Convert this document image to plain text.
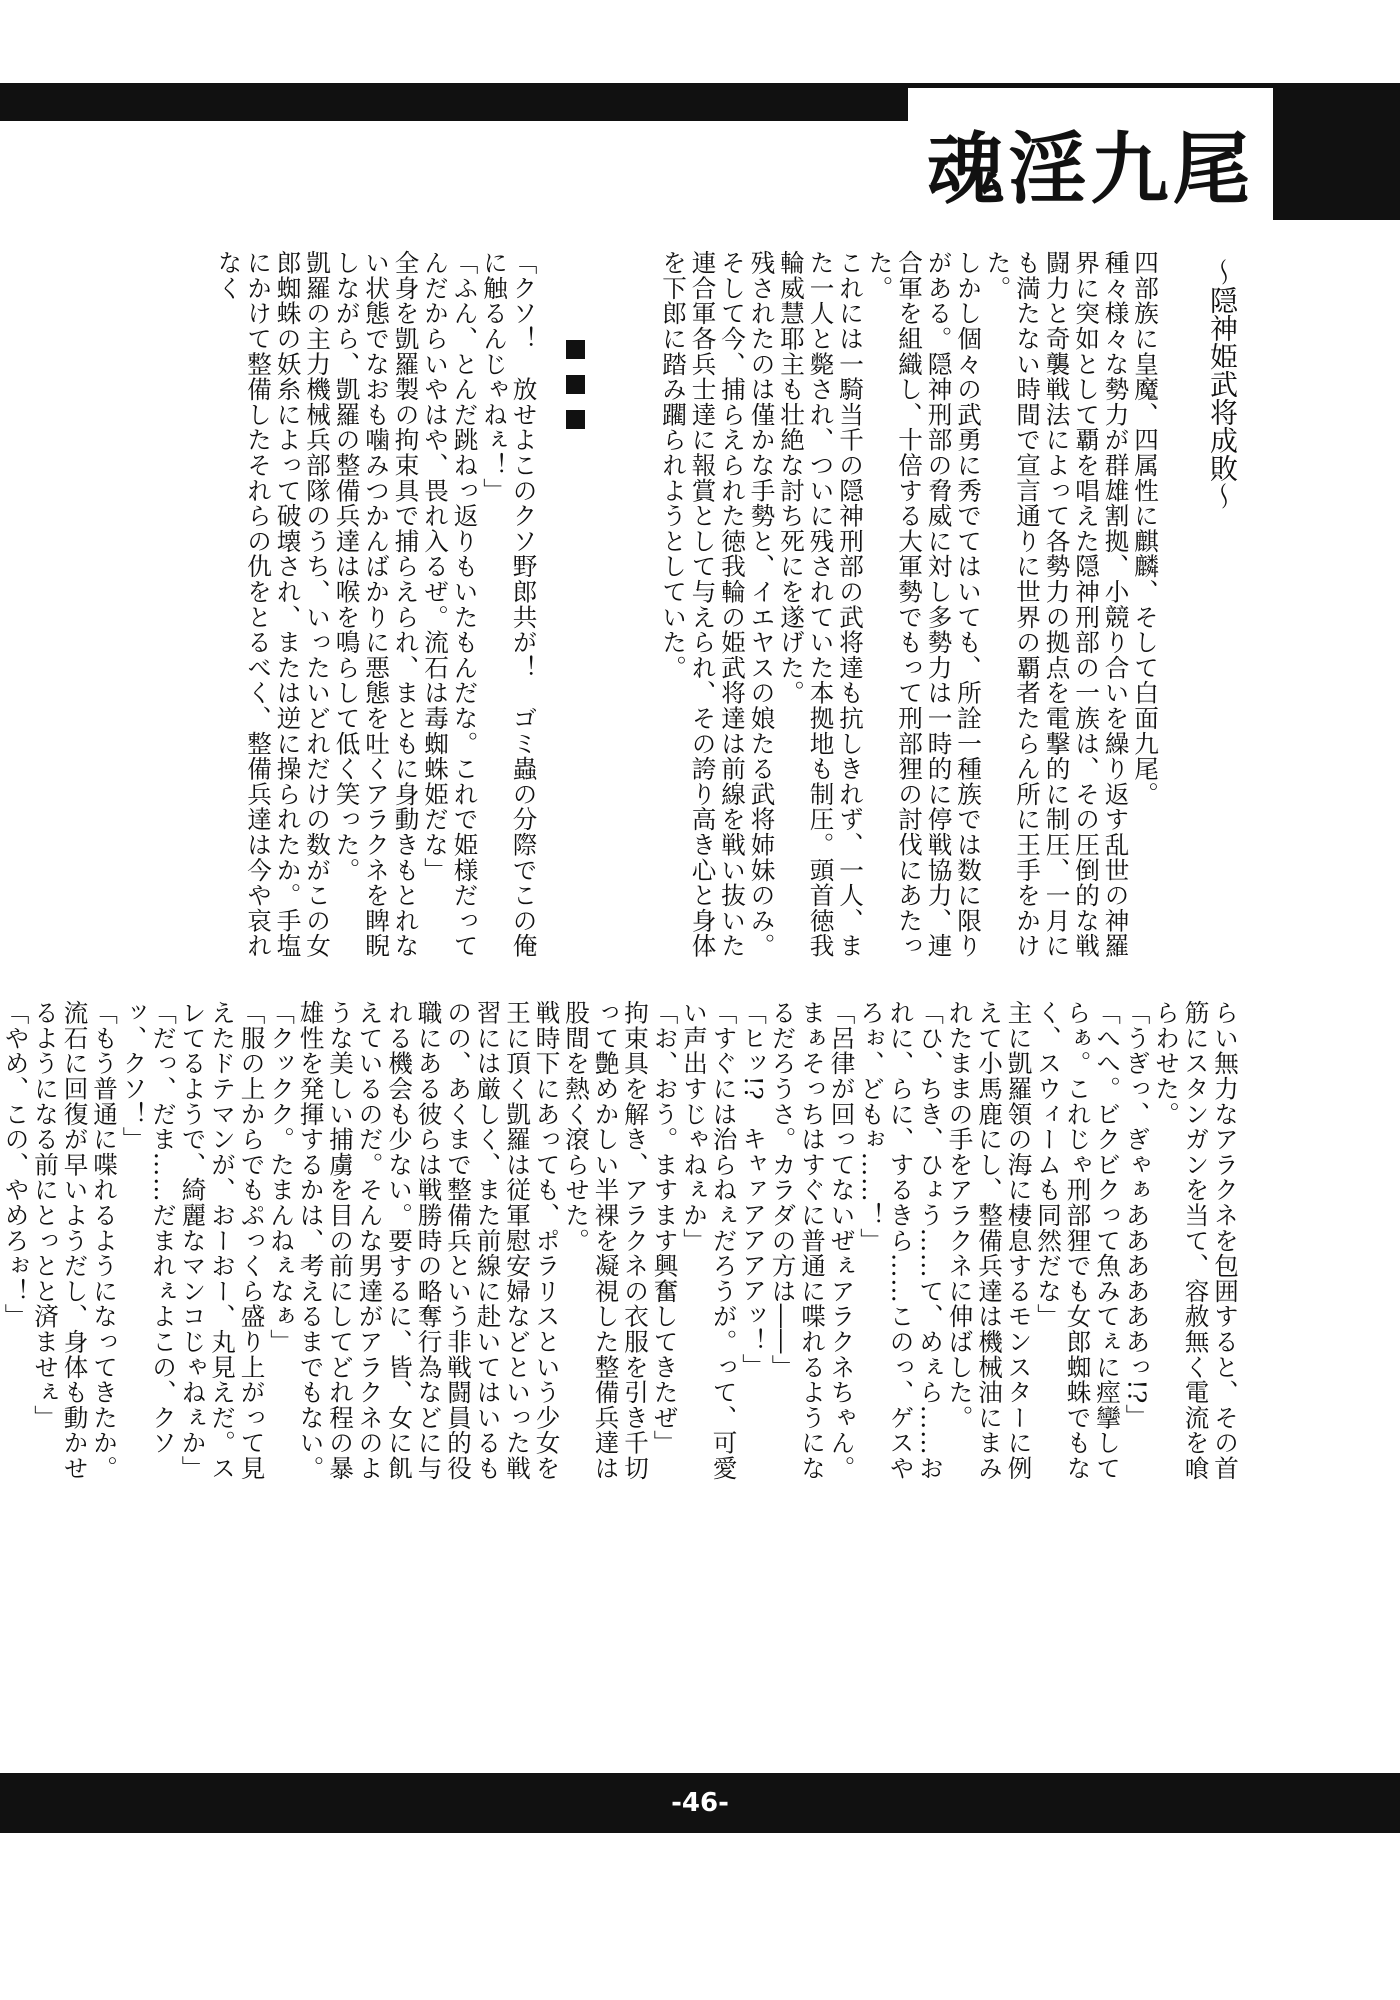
魂淫九尾
〜隠神姫武将成敗〜

四部族に皇魔、四属性に麒麟、そして白面九尾。

種々様々な勢力が群雄割拠、小競り合いを繰り返す乱世の神羅界に突如として覇を唱えた隠神刑部の一族は、その圧倒的な戦闘力と奇襲戦法によって各勢力の拠点を電撃的に制圧、一月にも満たない時間で宣言通りに世界の覇者たらん所に王手をかけた。

しかし個々の武勇に秀でてはいても、所詮一種族では数に限りがある。隠神刑部の脅威に対し多勢力は一時的に停戦協力、連合軍を組織し、十倍する大軍勢でもって刑部狸の討伐にあたった。

これには一騎当千の隠神刑部の武将達も抗しきれず、一人、また一人と斃され、ついに残されていた本拠地も制圧。頭首徳我輪威慧耶主も壮絶な討ち死にを遂げた。

残されたのは僅かな手勢と、イエヤスの娘たる武将姉妹のみ。

そして今、捕らえられた徳我輪の姫武将達は前線を戦い抜いた連合軍各兵士達に報賞として与えられ、その誇り高き心と身体を下郎に踏み躙られようとしていた。

「クソ！　放せよこのクソ野郎共が！　ゴミ蟲の分際でこの俺に触るんじゃねぇ！」

「ふん、とんだ跳ねっ返りもいたもんだな。これで姫様だってんだからいやはや、畏れ入るぜ。流石は毒蜘蛛姫だな」

全身を凱羅製の拘束具で捕らえられ、まともに身動きもとれない状態でなおも噛みつかんばかりに悪態を吐くアラクネを睥睨しながら、凱羅の整備兵達は喉を鳴らして低く笑った。

凱羅の主力機械兵部隊のうち、いったいどれだけの数がこの女郎蜘蛛の妖糸によって破壊され、または逆に操られたか。手塩にかけて整備したそれらの仇をとるべく、整備兵達は今や哀れなく

らい無力なアラクネを包囲すると、その首筋にスタンガンを当て、容赦無く電流を喰らわせた。

「うぎっ、ぎゃぁああああああっ!?」

「へへ。ビクビクって魚みてぇに痙攣してらぁ。これじゃ刑部狸でも女郎蜘蛛でもなく、スウィームも同然だな」

主に凱羅領の海に棲息するモンスターに例えて小馬鹿にし、整備兵達は機械油にまみれたままの手をアラクネに伸ばした。

「ひ、ちき、ひょう……て、めぇら……おれに、らに、するきら……このっ、ゲスやろぉ、どもぉ……！」

「呂律が回ってないぜぇアラクネちゃん。まぁそっちはすぐに普通に喋れるようになるだろうさ。カラダの方は――」

「ヒッ!?　キャァアアアアッ！」

「すぐには治らねぇだろうが。って、可愛い声出すじゃねぇか」

「お、おう。ますます興奮してきたぜ」

拘束具を解き、アラクネの衣服を引き千切って艶めかしい半裸を凝視した整備兵達は股間を熱く滾らせた。

戦時下にあっても、ポラリスという少女を王に頂く凱羅は従軍慰安婦などといった戦習には厳しく、また前線に赴いてはいるものの、あくまで整備兵という非戦闘員的役職にある彼らは戦勝時の略奪行為などに与れる機会も少ない。要するに、皆、女に飢えているのだ。そんな男達がアラクネのような美しい捕虜を目の前にしてどれ程の暴雄性を発揮するかは、考えるまでもない。

「クックク。たまんねぇなぁ」

「服の上からでもぷっくら盛り上がって見えたドテマンが、おーおー、丸見えだ。スレてるようで、綺麗なマンコじゃねぇか」

「だっ、だま……だまれぇよこの、クソッ、クソ！」

「もう普通に喋れるようになってきたか。流石に回復が早いようだし、身体も動かせるようになる前にとっとと済ませぇ」

「やめ、この、やめろぉ！」

-46-
